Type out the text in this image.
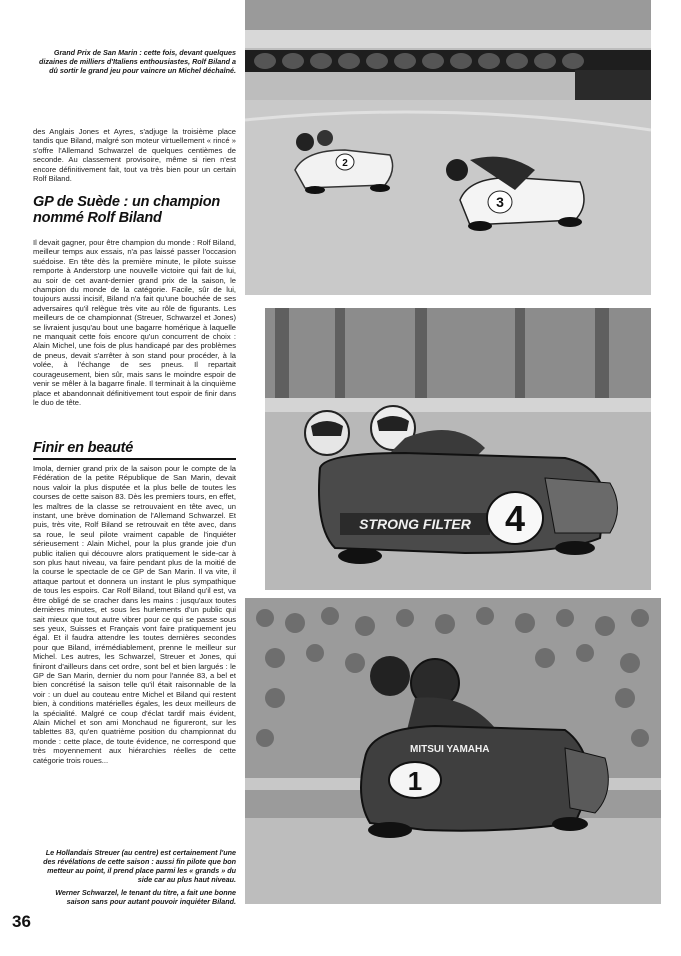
Grand Prix de San Marin : cette fois, devant quelques dizaines de milliers d'Italiens enthousiastes, Rolf Biland a dû sortir le grand jeu pour vaincre un Michel déchaîné.
des Anglais Jones et Ayres, s'adjuge la troisième place tandis que Biland, malgré son moteur virtuellement « rincé » s'offre l'Allemand Schwarzel de quelques centièmes de seconde. Au classement provisoire, même si rien n'est encore définitivement fait, tout va très bien pour un certain Rolf Biland.
GP de Suède : un champion nommé Rolf Biland
Il devait gagner, pour être champion du monde : Rolf Biland, meilleur temps aux essais, n'a pas laissé passer l'occasion suédoise. En tête dès la première minute, le pilote suisse remporte à Anderstorp une nouvelle victoire qui fait de lui, au soir de cet avant-dernier grand prix de la saison, le champion du monde de la catégorie. Facile, sûr de lui, toujours aussi incisif, Biland n'a fait qu'une bouchée de ses adversaires qu'il relègue très vite au rôle de figurants. Les meilleurs de ce championnat (Streuer, Schwarzel et Jones) se livraient jusqu'au bout une bagarre homérique à laquelle ne manquait cette fois encore qu'un concurrent de choix : Alain Michel, une fois de plus handicapé par des problèmes de pneus, devait s'arrêter à son stand pour procéder, à la volée, à l'échange de ses pneus. Il repartait courageusement, bien sûr, mais sans le moindre espoir de venir se mêler à la bagarre finale. Il terminait à la cinquième place et abandonnait définitivement tout espoir de finir dans le duo de tête.
Finir en beauté
Imola, dernier grand prix de la saison pour le compte de la Fédération de la petite République de San Marin, devait nous valoir la plus disputée et la plus belle de toutes les courses de cette saison 83. Dès les premiers tours, en effet, les maîtres de la classe se retrouvaient en tête avec, un instant, une brève domination de l'Allemand Schwarzel. Et puis, très vite, Rolf Biland se retrouvait en tête avec, dans sa roue, le seul pilote vraiment capable de l'inquiéter sérieusement : Alain Michel, pour la plus grande joie d'un public italien qui découvre alors pratiquement le side-car à son plus haut niveau, va faire pendant plus de la moitié de la course le spectacle de ce GP de San Marin. Il va vite, il attaque partout et donnera un instant le plus sympathique de tous les espoirs. Car Rolf Biland, tout Biland qu'il est, va être obligé de se cracher dans les mains : jusqu'aux toutes dernières minutes, et sous les hurlements d'un public qui sait mieux que tout autre vibrer pour ce qui se passe sous ses yeux, Suisses et Français vont faire pratiquement jeu égal. Et il faudra attendre les toutes dernières secondes pour que Biland, irrémédiablement, prenne le meilleur sur Michel. Les autres, les Schwarzel, Streuer et Jones, qui finiront d'ailleurs dans cet ordre, sont bel et bien largués : le GP de San Marin, dernier du nom pour l'année 83, a bel et bien concrétisé la saison telle qu'il était raisonnable de la voir : un duel au couteau entre Michel et Biland qui restent bien, à conditions matérielles égales, les deux meilleurs de la spécialité. Malgré ce coup d'éclat tardif mais évident, Alain Michel et son ami Monchaud ne figureront, sur les tablettes 83, qu'en quatrième position du championnat du monde : cette place, de toute évidence, ne correspond que très moyennement aux hiérarchies réelles de cette catégorie trois roues...
Le Hollandais Streuer (au centre) est certainement l'une des révélations de cette saison : aussi fin pilote que bon metteur au point, il prend place parmi les « grands » du side car au plus haut niveau.
Werner Schwarzel, le tenant du titre, a fait une bonne saison sans pour autant pouvoir inquiéter Biland.
36
2
3
STRONG FILTER 4
MITSUI YAMAHA
1
